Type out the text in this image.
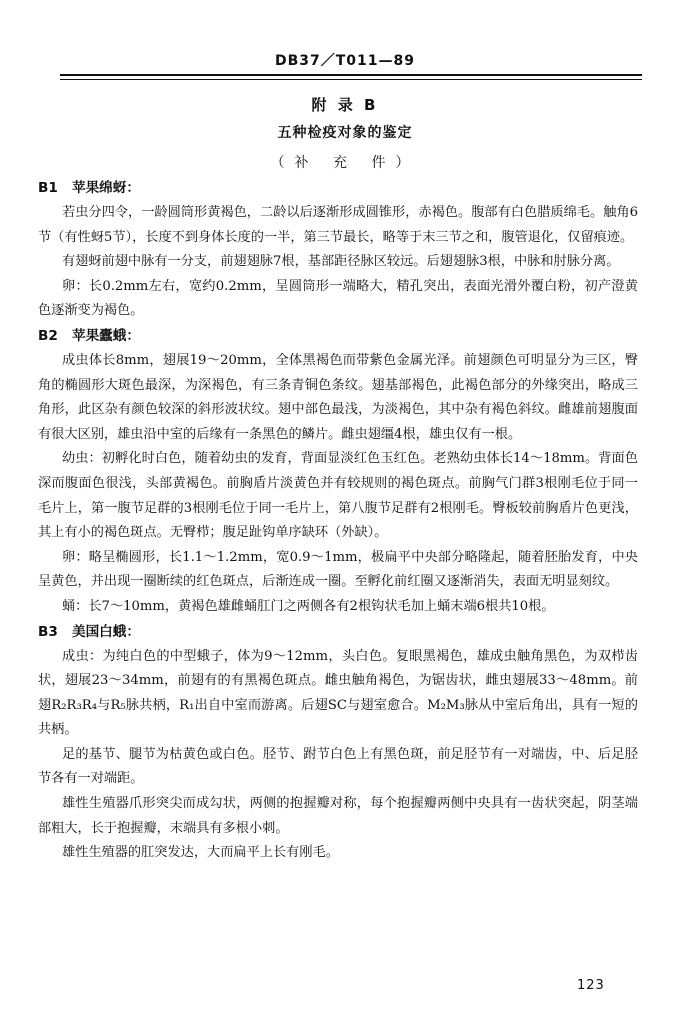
DB37／T011—89
附 录 B
五种检疫对象的鉴定
（补 充 件）
B1 苹果绵蚜：

若虫分四令，一龄圆筒形黄褐色，二龄以后逐渐形成圆锥形，赤褐色。腹部有白色腊质绵毛。触角6节（有性蚜5节），长度不到身体长度的一半，第三节最长，略等于末三节之和，腹管退化，仅留痕迹。

有翅蚜前翅中脉有一分支，前翅翅脉7根，基部距径脉区较远。后翅翅脉3根，中脉和肘脉分离。

卵：长0.2mm左右，宽约0.2mm，呈圆筒形一端略大，精孔突出，表面光滑外覆白粉，初产澄黄色逐渐变为褐色。

B2 苹果蠹蛾：

成虫体长8mm，翅展19～20mm，全体黑褐色而带紫色金属光泽。前翅颜色可明显分为三区，臀角的椭圆形大斑色最深，为深褐色，有三条青铜色条纹。翅基部褐色，此褐色部分的外缘突出，略成三角形，此区杂有颜色较深的斜形波状纹。翅中部色最浅，为淡褐色，其中杂有褐色斜纹。雌雄前翅腹面有很大区别，雄虫沿中室的后缘有一条黑色的鳞片。雌虫翅缰4根，雄虫仅有一根。

幼虫：初孵化时白色，随着幼虫的发育，背面显淡红色玉红色。老熟幼虫体长14～18mm。背面色深而腹面色很浅，头部黄褐色。前胸盾片淡黄色并有较规则的褐色斑点。前胸气门群3根刚毛位于同一毛片上，第一腹节足群的3根刚毛位于同一毛片上，第八腹节足群有2根刚毛。臀板较前胸盾片色更浅，其上有小的褐色斑点。无臀栉；腹足趾钩单序缺环（外缺）。

卵：略呈椭圆形，长1.1～1.2mm，宽0.9～1mm，极扁平中央部分略隆起，随着胚胎发育，中央呈黄色，并出现一圈断续的红色斑点，后渐连成一圈。至孵化前红圈又逐渐消失，表面无明显刻纹。

蛹：长7～10mm，黄褐色雄雌蛹肛门之两侧各有2根钩状毛加上蛹末端6根共10根。

B3 美国白蛾：

成虫：为纯白色的中型蛾子，体为9～12mm，头白色。复眼黑褐色，雄成虫触角黑色，为双栉齿状，翅展23～34mm，前翅有的有黑褐色斑点。雌虫触角褐色，为锯齿状，雌虫翅展33～48mm。前翅R₂R₃R₄与R₅脉共柄，R₁出自中室而游离。后翅SC与翅室愈合。M₂M₃脉从中室后角出，具有一短的共柄。

足的基节、腿节为枯黄色或白色。胫节、跗节白色上有黑色斑，前足胫节有一对端齿，中、后足胫节各有一对端距。

雄性生殖器爪形突尖而成勾状，两侧的抱握瓣对称，每个抱握瓣两侧中央具有一齿状突起，阴茎端部粗大，长于抱握瓣，末端具有多根小刺。

雄性生殖器的肛突发达，大而扁平上长有刚毛。

123
